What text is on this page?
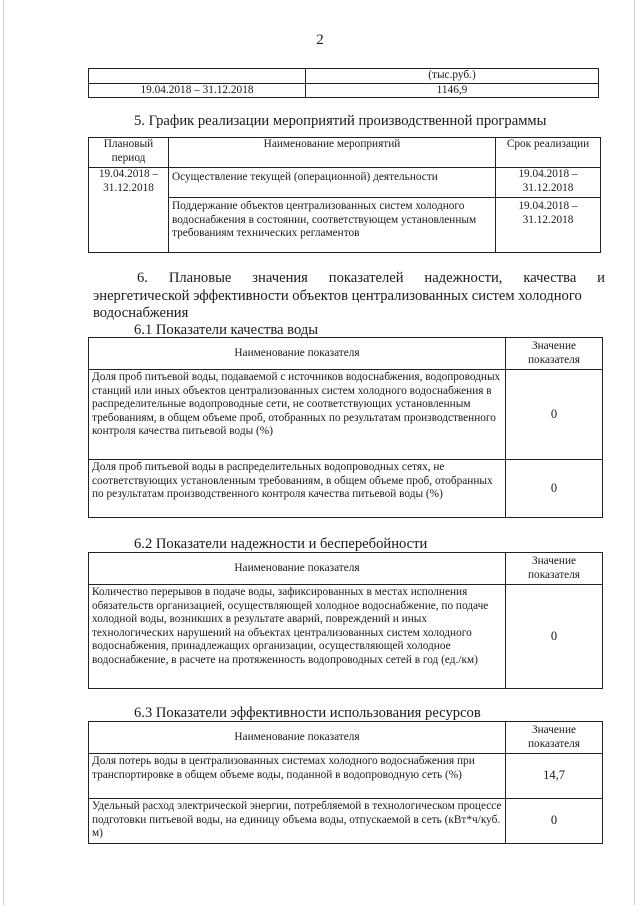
2
	(тыс.руб.)
19.04.2018 – 31.12.2018	1146,9
5. График реализации мероприятий производственной программы
Плановый период	Наименование мероприятий	Срок реализации
19.04.2018 – 31.12.2018	Осуществление текущей (операционной) деятельности	19.04.2018 – 31.12.2018
	Поддержание объектов централизованных систем холодного водоснабжения в состоянии, соответствующем установленным требованиям технических регламентов	19.04.2018 – 31.12.2018
6. Плановые значения показателей надежности, качества и
энергетической эффективности объектов централизованных систем холодного водоснабжения
6.1 Показатели качества воды
Наименование показателя	Значение показателя
Доля проб питьевой воды, подаваемой с источников водоснабжения, водопроводных станций или иных объектов централизованных систем холодного водоснабжения в распределительные водопроводные сети, не соответствующих установленным требованиям, в общем объеме проб, отобранных по результатам производственного контроля качества питьевой воды (%)	0
Доля проб питьевой воды в распределительных водопроводных сетях, не соответствующих установленным требованиям, в общем объеме проб, отобранных по результатам производственного контроля качества питьевой воды (%)	0
6.2 Показатели надежности и бесперебойности
Наименование показателя	Значение показателя
Количество перерывов в подаче воды, зафиксированных в местах исполнения обязательств организацией, осуществляющей холодное водоснабжение, по подаче холодной воды, возникших в результате аварий, повреждений и иных технологических нарушений на объектах централизованных систем холодного водоснабжения, принадлежащих организации, осуществляющей холодное водоснабжение, в расчете на протяженность водопроводных сетей в год (ед./км)	0
6.3 Показатели эффективности использования ресурсов
Наименование показателя	Значение показателя
Доля потерь воды в централизованных системах холодного водоснабжения при транспортировке в общем объеме воды, поданной в водопроводную сеть (%)	14,7
Удельный расход электрической энергии, потребляемой в технологическом процессе подготовки питьевой воды, на единицу объема воды, отпускаемой в сеть (кВт*ч/куб. м)	0
